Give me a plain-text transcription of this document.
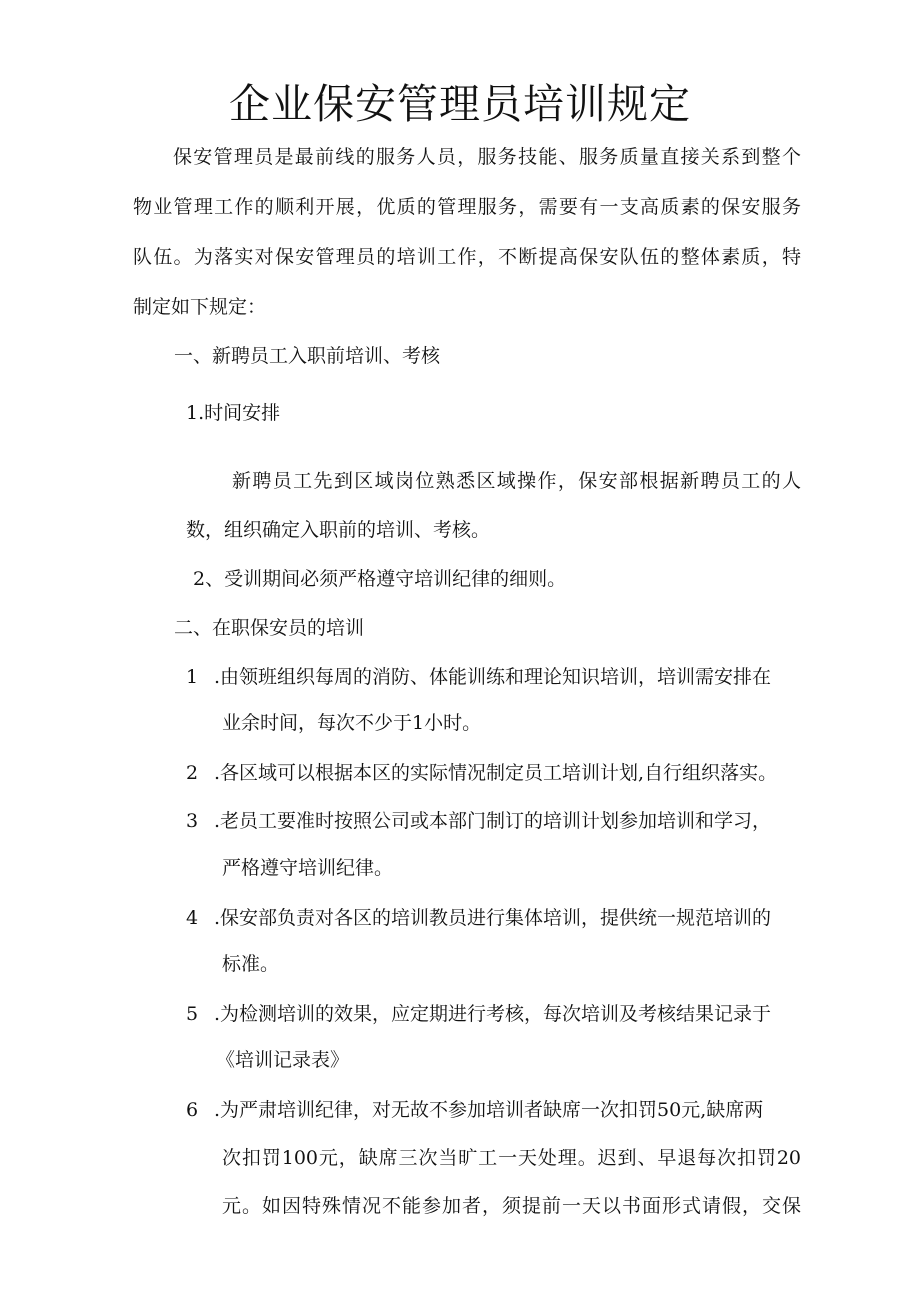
企业保安管理员培训规定

保安管理员是最前线的服务人员，服务技能、服务质量直接关系到整个

物业管理工作的顺利开展，优质的管理服务，需要有一支高质素的保安服务

队伍。为落实对保安管理员的培训工作，不断提高保安队伍的整体素质，特

制定如下规定：

一、新聘员工入职前培训、考核

1.时间安排

新聘员工先到区域岗位熟悉区域操作，保安部根据新聘员工的人

数，组织确定入职前的培训、考核。

2、受训期间必须严格遵守培训纪律的细则。

二、在职保安员的培训

1 .由领班组织每周的消防、体能训练和理论知识培训，培训需安排在

业余时间，每次不少于1小时。

2 .各区域可以根据本区的实际情况制定员工培训计划,自行组织落实。

3 .老员工要准时按照公司或本部门制订的培训计划参加培训和学习，

严格遵守培训纪律。

4 .保安部负责对各区的培训教员进行集体培训，提供统一规范培训的

标准。

5 .为检测培训的效果，应定期进行考核，每次培训及考核结果记录于

《培训记录表》

6 .为严肃培训纪律，对无故不参加培训者缺席一次扣罚50元,缺席两

次扣罚100元，缺席三次当旷工一天处理。迟到、早退每次扣罚20

元。如因特殊情况不能参加者，须提前一天以书面形式请假，交保
